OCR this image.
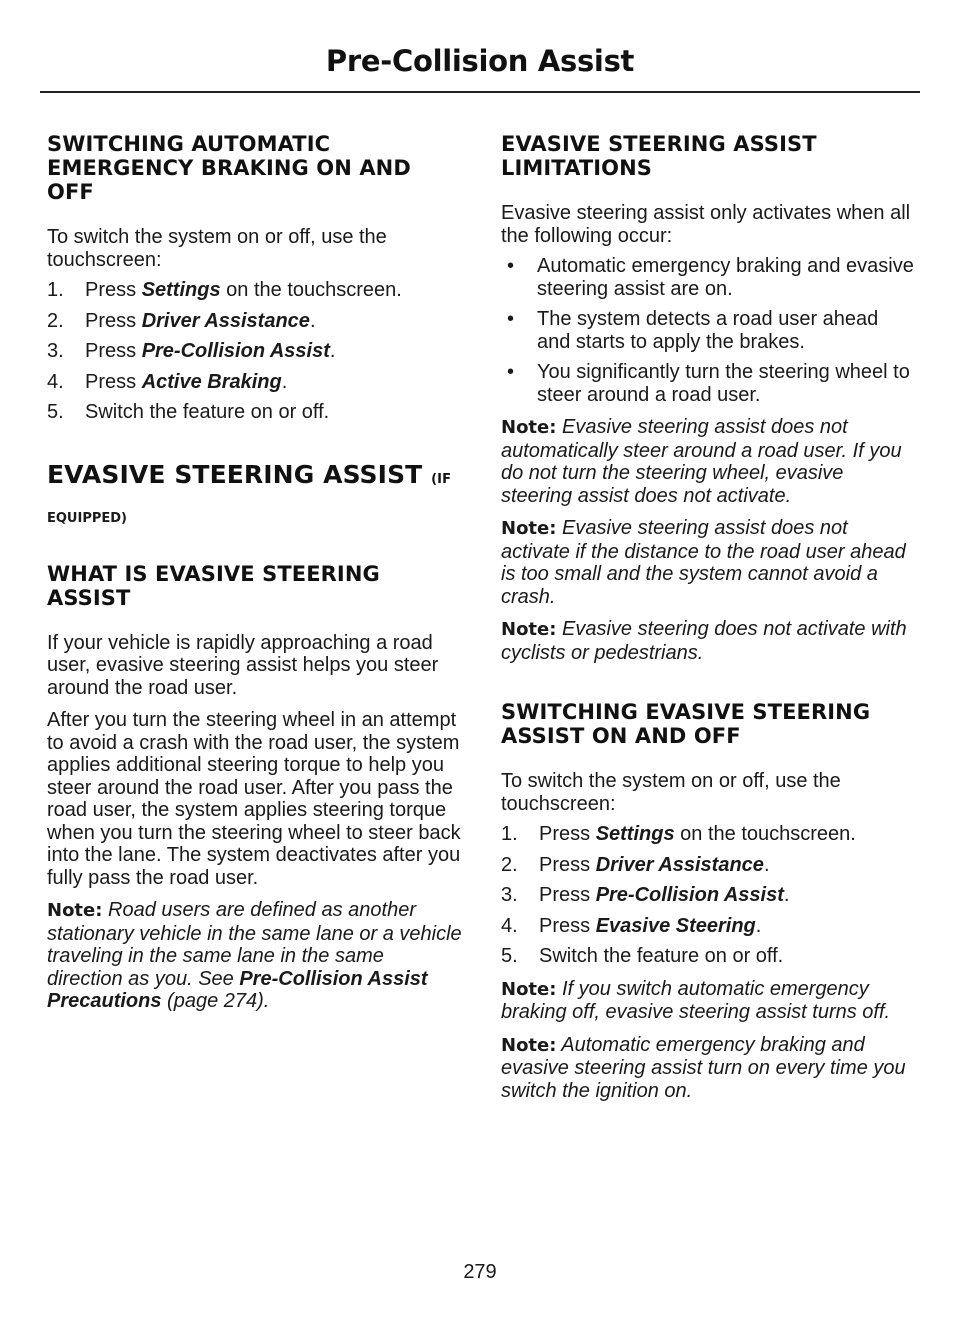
Pre-Collision Assist
SWITCHING AUTOMATIC EMERGENCY BRAKING ON AND OFF

To switch the system on or off, use the touchscreen:

1.	Press Settings on the touchscreen.
2.	Press Driver Assistance.
3.	Press Pre-Collision Assist.
4.	Press Active Braking.
5.	Switch the feature on or off.
EVASIVE STEERING ASSIST (IF
EQUIPPED)
WHAT IS EVASIVE STEERING ASSIST

If your vehicle is rapidly approaching a road user, evasive steering assist helps you steer around the road user.

After you turn the steering wheel in an attempt to avoid a crash with the road user, the system applies additional steering torque to help you steer around the road user. After you pass the road user, the system applies steering torque when you turn the steering wheel to steer back into the lane. The system deactivates after you fully pass the road user.

Note: Road users are defined as another stationary vehicle in the same lane or a vehicle traveling in the same lane in the same direction as you. See Pre-Collision Assist Precautions (page 274).

EVASIVE STEERING ASSIST LIMITATIONS

Evasive steering assist only activates when all the following occur:

•	Automatic emergency braking and evasive steering assist are on.
•	The system detects a road user ahead and starts to apply the brakes.
•	You significantly turn the steering wheel to steer around a road user.

Note: Evasive steering assist does not automatically steer around a road user. If you do not turn the steering wheel, evasive steering assist does not activate.

Note: Evasive steering assist does not activate if the distance to the road user ahead is too small and the system cannot avoid a crash.

Note: Evasive steering does not activate with cyclists or pedestrians.

SWITCHING EVASIVE STEERING ASSIST ON AND OFF

To switch the system on or off, use the touchscreen:

1.	Press Settings on the touchscreen.
2.	Press Driver Assistance.
3.	Press Pre-Collision Assist.
4.	Press Evasive Steering.
5.	Switch the feature on or off.

Note: If you switch automatic emergency braking off, evasive steering assist turns off.

Note: Automatic emergency braking and evasive steering assist turn on every time you switch the ignition on.

279
